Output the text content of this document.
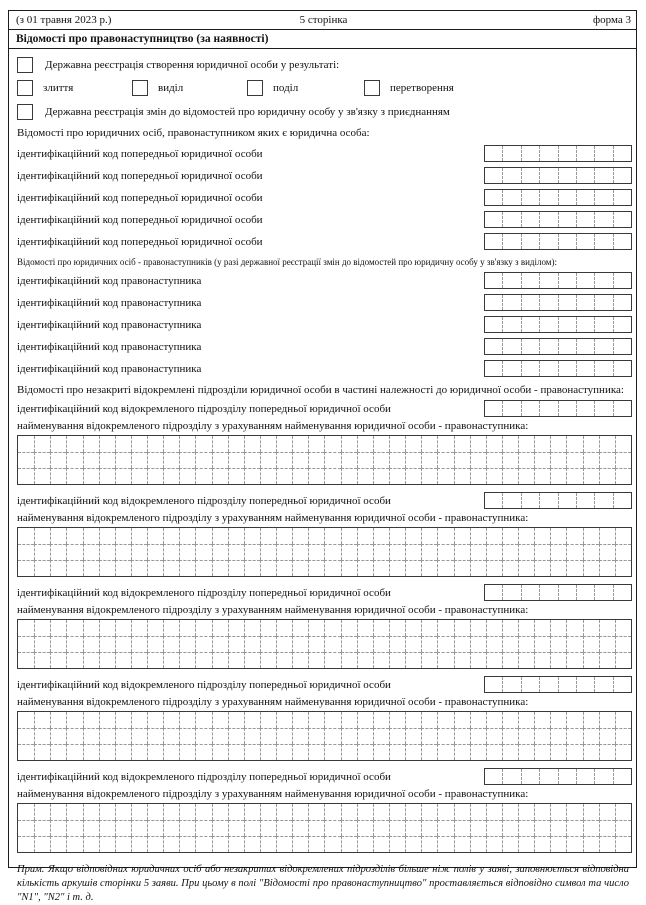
(з 01 травня 2023 р.)	5 сторінка	форма 3
Відомості про правонаступництво (за наявності)
Державна реєстрація створення юридичної особи у результаті:
злиття	виділ	поділ	перетворення
Державна реєстрація змін до відомостей про юридичну особу у зв'язку з приєднанням
Відомості про юридичних осіб, правонаступником яких є юридична особа:
ідентифікаційний код попередньої юридичної особи
ідентифікаційний код попередньої юридичної особи
ідентифікаційний код попередньої юридичної особи
ідентифікаційний код попередньої юридичної особи
ідентифікаційний код попередньої юридичної особи
Відомості про юридичних осіб - правонаступників (у разі державної реєстрації змін до відомостей про юридичну особу у зв'язку з виділом):
ідентифікаційний код правонаступника
ідентифікаційний код правонаступника
ідентифікаційний код правонаступника
ідентифікаційний код правонаступника
ідентифікаційний код правонаступника
Відомості про незакриті відокремлені підрозділи юридичної особи в частині належності до юридичної особи - правонаступника:
ідентифікаційний код відокремленого підрозділу попередньої юридичної особи
найменування відокремленого підрозділу з урахуванням найменування юридичної особи - правонаступника:
ідентифікаційний код відокремленого підрозділу попередньої юридичної особи
найменування відокремленого підрозділу з урахуванням найменування юридичної особи - правонаступника:
ідентифікаційний код відокремленого підрозділу попередньої юридичної особи
найменування відокремленого підрозділу з урахуванням найменування юридичної особи - правонаступника:
ідентифікаційний код відокремленого підрозділу попередньої юридичної особи
найменування відокремленого підрозділу з урахуванням найменування юридичної особи - правонаступника:
ідентифікаційний код відокремленого підрозділу попередньої юридичної особи
найменування відокремленого підрозділу з урахуванням найменування юридичної особи - правонаступника:
Прим. Якщо відповідних юридичних осіб або незакритих відокремлених підрозділів більше ніж полів у заяві, заповнюється відповідна кількість аркушів сторінки 5 заяви. При цьому в полі "Відомості про правонаступництво" проставляється відповідно символ та число "N1", "N2" і т. д.
